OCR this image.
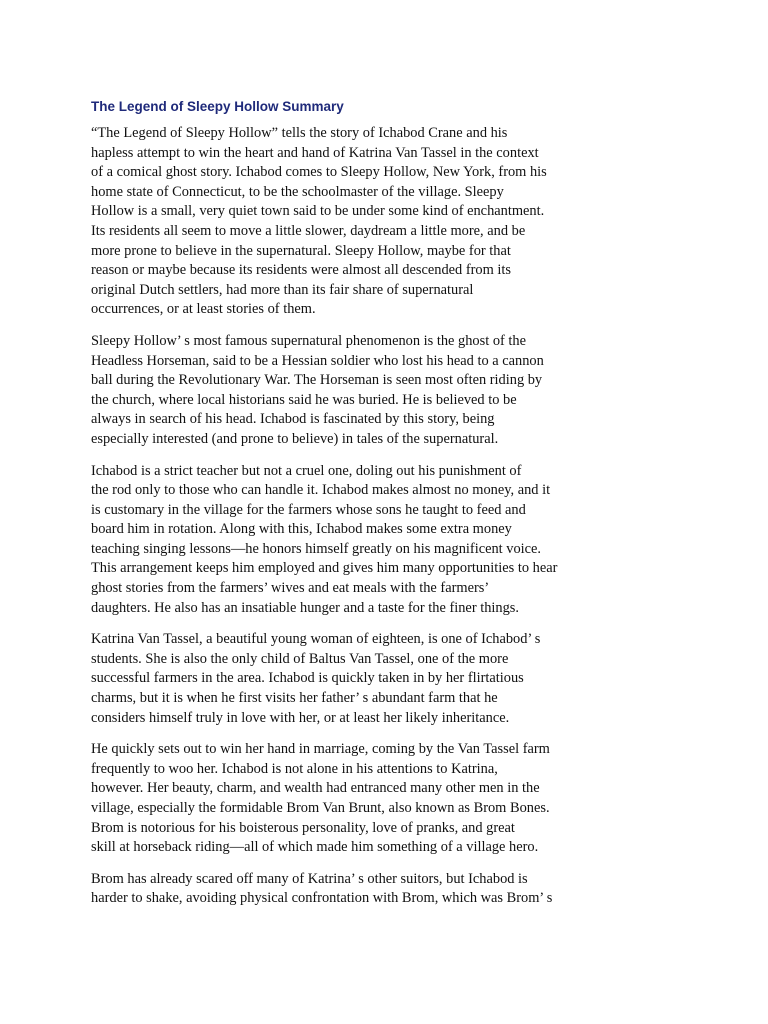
The Legend of Sleepy Hollow Summary

“The Legend of Sleepy Hollow” tells the story of Ichabod Crane and his
hapless attempt to win the heart and hand of Katrina Van Tassel in the context
of a comical ghost story. Ichabod comes to Sleepy Hollow, New York, from his
home state of Connecticut, to be the schoolmaster of the village. Sleepy
Hollow is a small, very quiet town said to be under some kind of enchantment.
Its residents all seem to move a little slower, daydream a little more, and be
more prone to believe in the supernatural. Sleepy Hollow, maybe for that
reason or maybe because its residents were almost all descended from its
original Dutch settlers, had more than its fair share of supernatural
occurrences, or at least stories of them.

Sleepy Hollow’ s most famous supernatural phenomenon is the ghost of the
Headless Horseman, said to be a Hessian soldier who lost his head to a cannon
ball during the Revolutionary War. The Horseman is seen most often riding by
the church, where local historians said he was buried. He is believed to be
always in search of his head. Ichabod is fascinated by this story, being
especially interested (and prone to believe) in tales of the supernatural.

Ichabod is a strict teacher but not a cruel one, doling out his punishment of
the rod only to those who can handle it. Ichabod makes almost no money, and it
is customary in the village for the farmers whose sons he taught to feed and
board him in rotation. Along with this, Ichabod makes some extra money
teaching singing lessons—he honors himself greatly on his magnificent voice.
This arrangement keeps him employed and gives him many opportunities to hear
ghost stories from the farmers’ wives and eat meals with the farmers’
daughters. He also has an insatiable hunger and a taste for the finer things.

Katrina Van Tassel, a beautiful young woman of eighteen, is one of Ichabod’ s
students. She is also the only child of Baltus Van Tassel, one of the more
successful farmers in the area. Ichabod is quickly taken in by her flirtatious
charms, but it is when he first visits her father’ s abundant farm that he
considers himself truly in love with her, or at least her likely inheritance.

He quickly sets out to win her hand in marriage, coming by the Van Tassel farm
frequently to woo her. Ichabod is not alone in his attentions to Katrina,
however. Her beauty, charm, and wealth had entranced many other men in the
village, especially the formidable Brom Van Brunt, also known as Brom Bones.
Brom is notorious for his boisterous personality, love of pranks, and great
skill at horseback riding—all of which made him something of a village hero.

Brom has already scared off many of Katrina’ s other suitors, but Ichabod is
harder to shake, avoiding physical confrontation with Brom, which was Brom’ s
